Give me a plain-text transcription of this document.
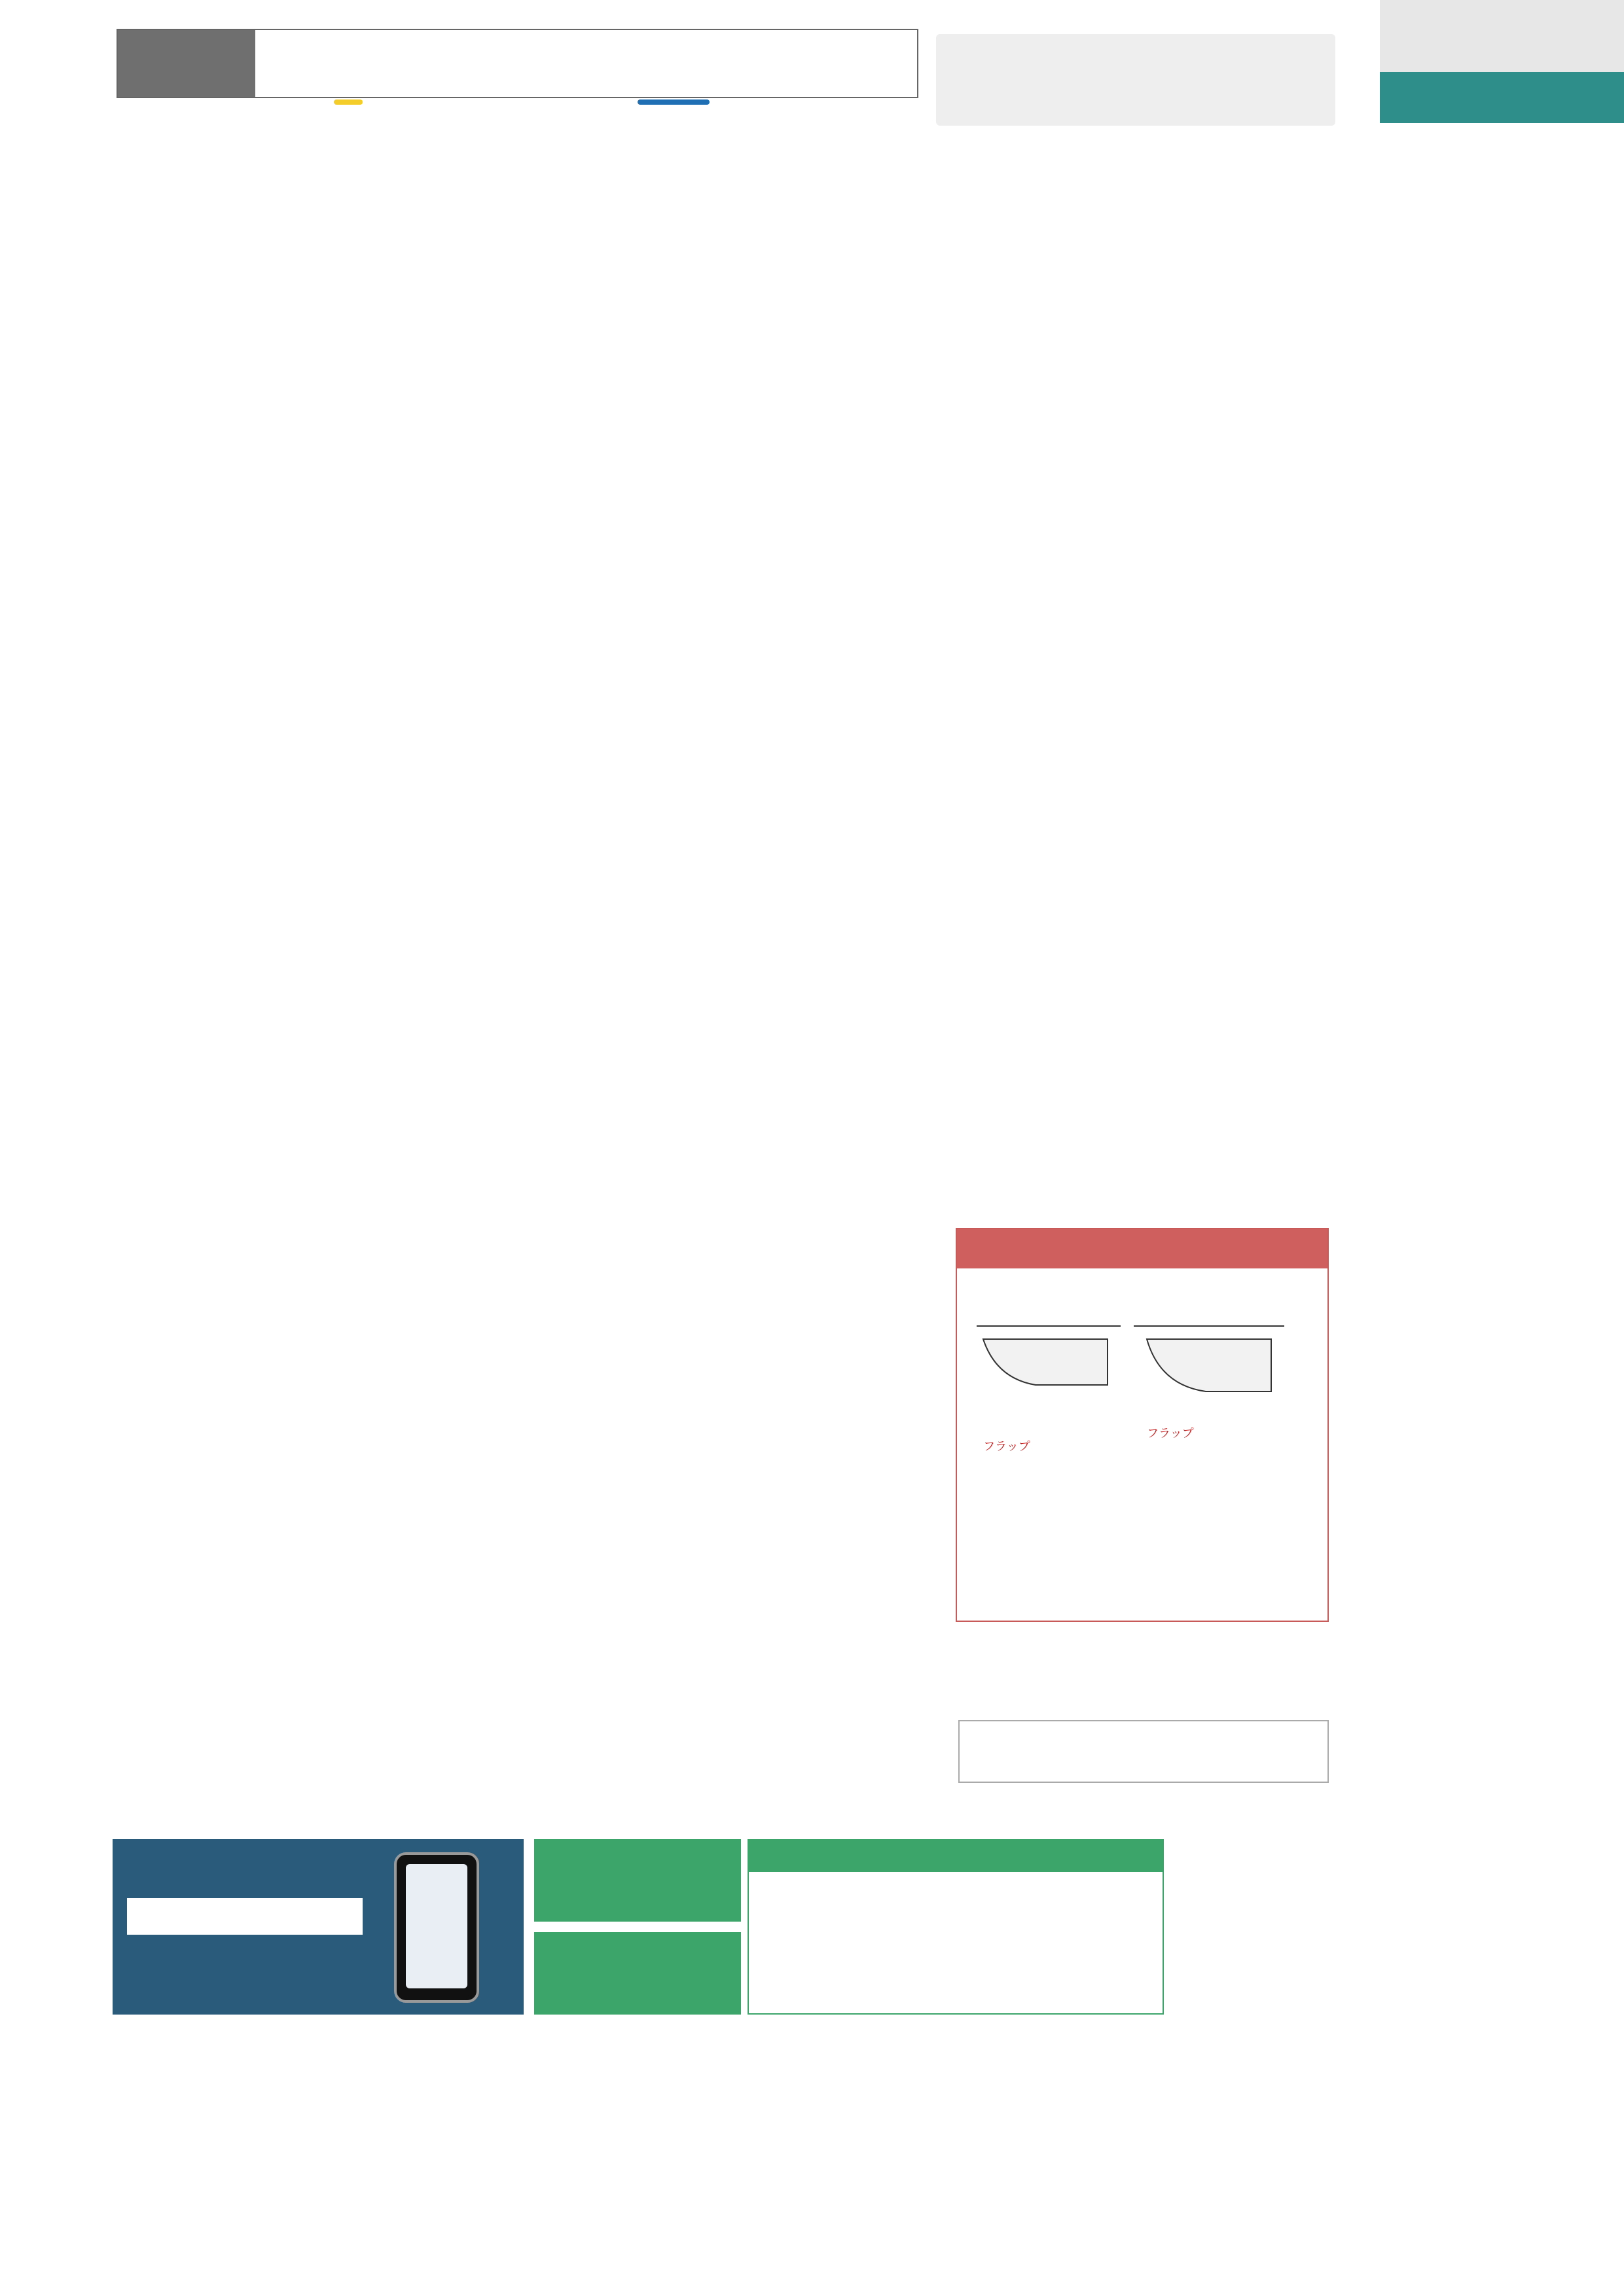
フラップ
フラップ
